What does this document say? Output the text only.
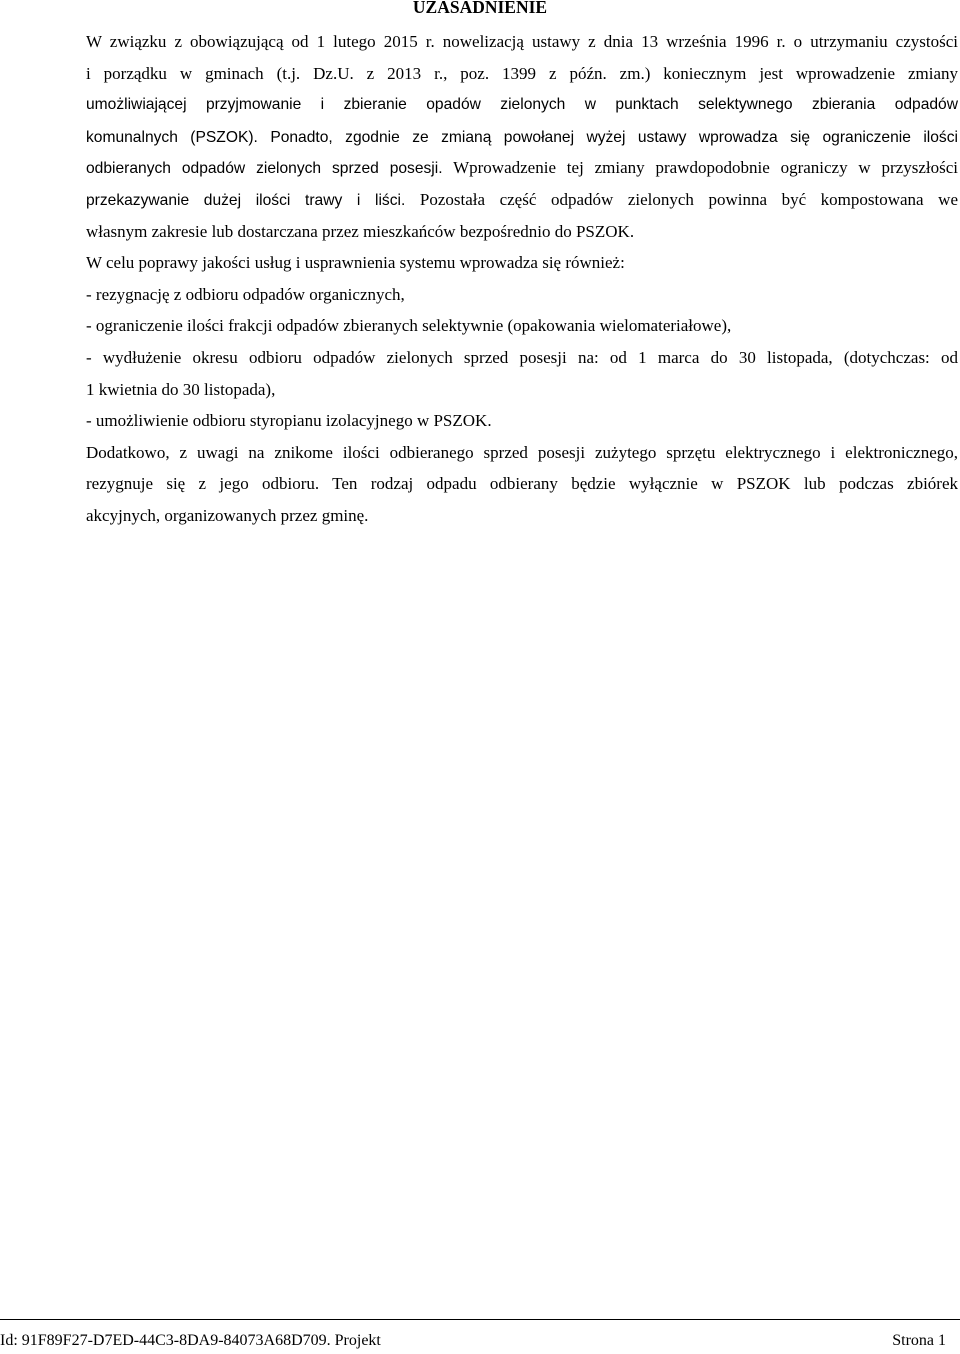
UZASADNIENIE
W związku z obowiązującą od 1 lutego 2015 r. nowelizacją ustawy z dnia 13 września 1996 r. o utrzymaniu czystości
i porządku w gminach (t.j. Dz.U. z 2013 r., poz. 1399 z późn. zm.) koniecznym jest wprowadzenie zmiany
umożliwiającej przyjmowanie i zbieranie opadów zielonych w punktach selektywnego zbierania odpadów
komunalnych (PSZOK). Ponadto, zgodnie ze zmianą powołanej wyżej ustawy wprowadza się ograniczenie ilości
odbieranych odpadów zielonych sprzed posesji. Wprowadzenie tej zmiany prawdopodobnie ograniczy w przyszłości
przekazywanie dużej ilości trawy i liści. Pozostała część odpadów zielonych powinna być kompostowana we
własnym zakresie lub dostarczana przez mieszkańców bezpośrednio do PSZOK.
W celu poprawy jakości usług i usprawnienia systemu wprowadza się również:
- rezygnację z odbioru odpadów organicznych,
- ograniczenie ilości frakcji odpadów zbieranych selektywnie (opakowania wielomateriałowe),
- wydłużenie okresu odbioru odpadów zielonych sprzed posesji na: od 1 marca do 30 listopada, (dotychczas: od
1 kwietnia do 30 listopada),
- umożliwienie odbioru styropianu izolacyjnego w PSZOK.
Dodatkowo, z uwagi na znikome ilości odbieranego sprzed posesji zużytego sprzętu elektrycznego i elektronicznego,
rezygnuje się z jego odbioru. Ten rodzaj odpadu odbierany będzie wyłącznie w PSZOK lub podczas zbiórek
akcyjnych, organizowanych przez gminę.
Id: 91F89F27-D7ED-44C3-8DA9-84073A68D709. Projekt	Strona 1
